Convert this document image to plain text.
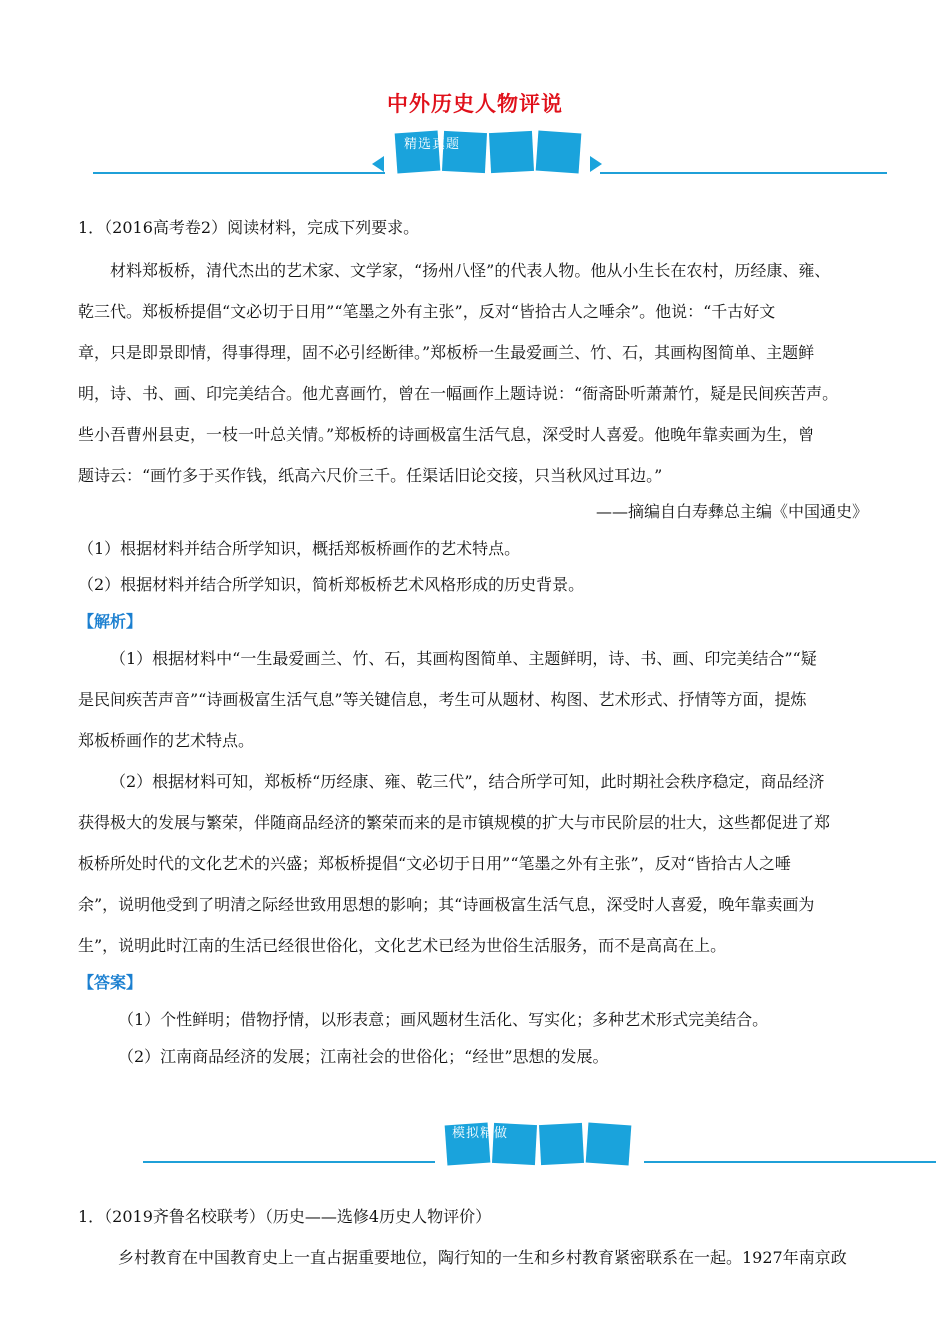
中外历史人物评说
精选真题
1．（2016高考卷2）阅读材料，完成下列要求。
材料郑板桥，清代杰出的艺术家、文学家，“扬州八怪”的代表人物。他从小生长在农村，历经康、雍、
乾三代。郑板桥提倡“文必切于日用”“笔墨之外有主张”，反对“皆拾古人之唾余”。他说：“千古好文
章，只是即景即情，得事得理，固不必引经断律。”郑板桥一生最爱画兰、竹、石，其画构图简单、主题鲜
明，诗、书、画、印完美结合。他尤喜画竹，曾在一幅画作上题诗说：“衙斋卧听萧萧竹，疑是民间疾苦声。
些小吾曹州县吏，一枝一叶总关情。”郑板桥的诗画极富生活气息，深受时人喜爱。他晚年靠卖画为生，曾
题诗云：“画竹多于买作钱，纸高六尺价三千。任渠话旧论交接，只当秋风过耳边。”
——摘编自白寿彝总主编《中国通史》
（1）根据材料并结合所学知识，概括郑板桥画作的艺术特点。
（2）根据材料并结合所学知识，简析郑板桥艺术风格形成的历史背景。
【解析】
（1）根据材料中“一生最爱画兰、竹、石，其画构图简单、主题鲜明，诗、书、画、印完美结合”“疑
是民间疾苦声音”“诗画极富生活气息”等关键信息，考生可从题材、构图、艺术形式、抒情等方面，提炼
郑板桥画作的艺术特点。
（2）根据材料可知，郑板桥“历经康、雍、乾三代”，结合所学可知，此时期社会秩序稳定，商品经济
获得极大的发展与繁荣，伴随商品经济的繁荣而来的是市镇规模的扩大与市民阶层的壮大，这些都促进了郑
板桥所处时代的文化艺术的兴盛；郑板桥提倡“文必切于日用”“笔墨之外有主张”，反对“皆拾古人之唾
余”，说明他受到了明清之际经世致用思想的影响；其“诗画极富生活气息，深受时人喜爱，晚年靠卖画为
生”，说明此时江南的生活已经很世俗化，文化艺术已经为世俗生活服务，而不是高高在上。
【答案】
（1）个性鲜明；借物抒情，以形表意；画风题材生活化、写实化；多种艺术形式完美结合。
（2）江南商品经济的发展；江南社会的世俗化；“经世”思想的发展。
模拟精做
1．（2019齐鲁名校联考）（历史——选修4历史人物评价）
乡村教育在中国教育史上一直占据重要地位，陶行知的一生和乡村教育紧密联系在一起。1927年南京政
